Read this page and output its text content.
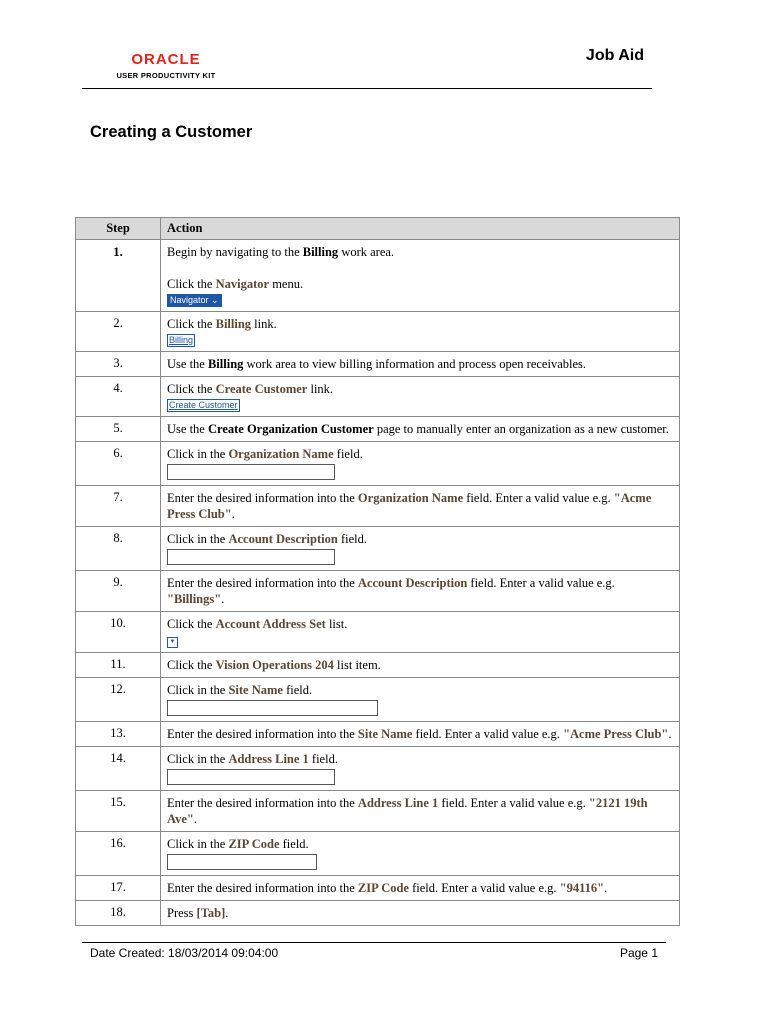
ORACLE
USER PRODUCTIVITY KIT
Job Aid
Creating a Customer
Step	Action
1.	Begin by navigating to the Billing work area.
Click the Navigator menu.
Navigator ⌄

2.	Click the Billing link.
Billing

3.	Use the Billing work area to view billing information and process open receivables.

4.	Click the Create Customer link.
Create Customer

5.	Use the Create Organization Customer page to manually enter an organization as a new customer.

6.	Click in the Organization Name field.

7.	Enter the desired information into the Organization Name field. Enter a valid value e.g. "Acme Press Club".

8.	Click in the Account Description field.

9.	Enter the desired information into the Account Description field. Enter a valid value e.g. "Billings".

10.	Click the Account Address Set list.
▼

11.	Click the Vision Operations 204 list item.

12.	Click in the Site Name field.

13.	Enter the desired information into the Site Name field. Enter a valid value e.g. "Acme Press Club".

14.	Click in the Address Line 1 field.

15.	Enter the desired information into the Address Line 1 field. Enter a valid value e.g. "2121 19th Ave".

16.	Click in the ZIP Code field.

17.	Enter the desired information into the ZIP Code field. Enter a valid value e.g. "94116".

18.	Press [Tab].
Date Created: 18/03/2014 09:04:00	Page 1
